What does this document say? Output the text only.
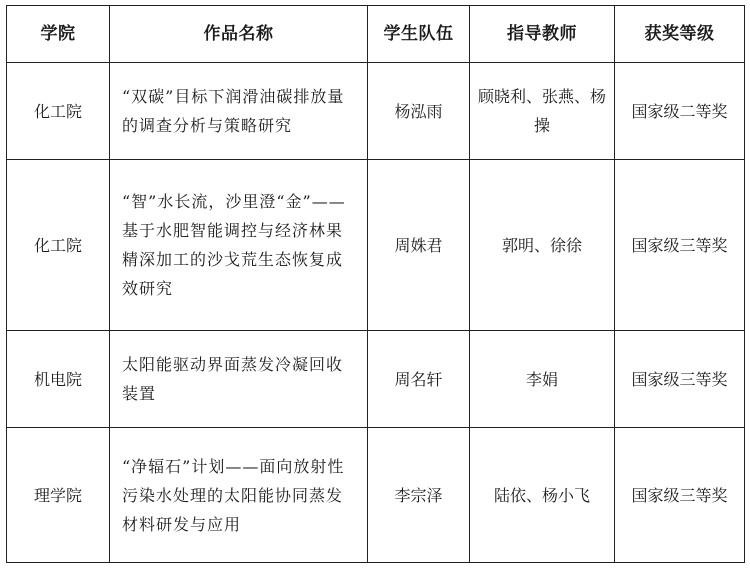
学院	作品名称	学生队伍	指导教师	获奖等级
化工院	“双碳”目标下润滑油碳排放量的调查分析与策略研究	杨泓雨	顾晓利、张燕、杨操	国家级二等奖
化工院	“智”水长流，沙里澄“金”——基于水肥智能调控与经济林果精深加工的沙戈荒生态恢复成效研究	周姝君	郭明、徐徐	国家级三等奖
机电院	太阳能驱动界面蒸发冷凝回收装置	周名轩	李娟	国家级三等奖
理学院	“净辐石”计划——面向放射性污染水处理的太阳能协同蒸发材料研发与应用	李宗泽	陆依、杨小飞	国家级三等奖
